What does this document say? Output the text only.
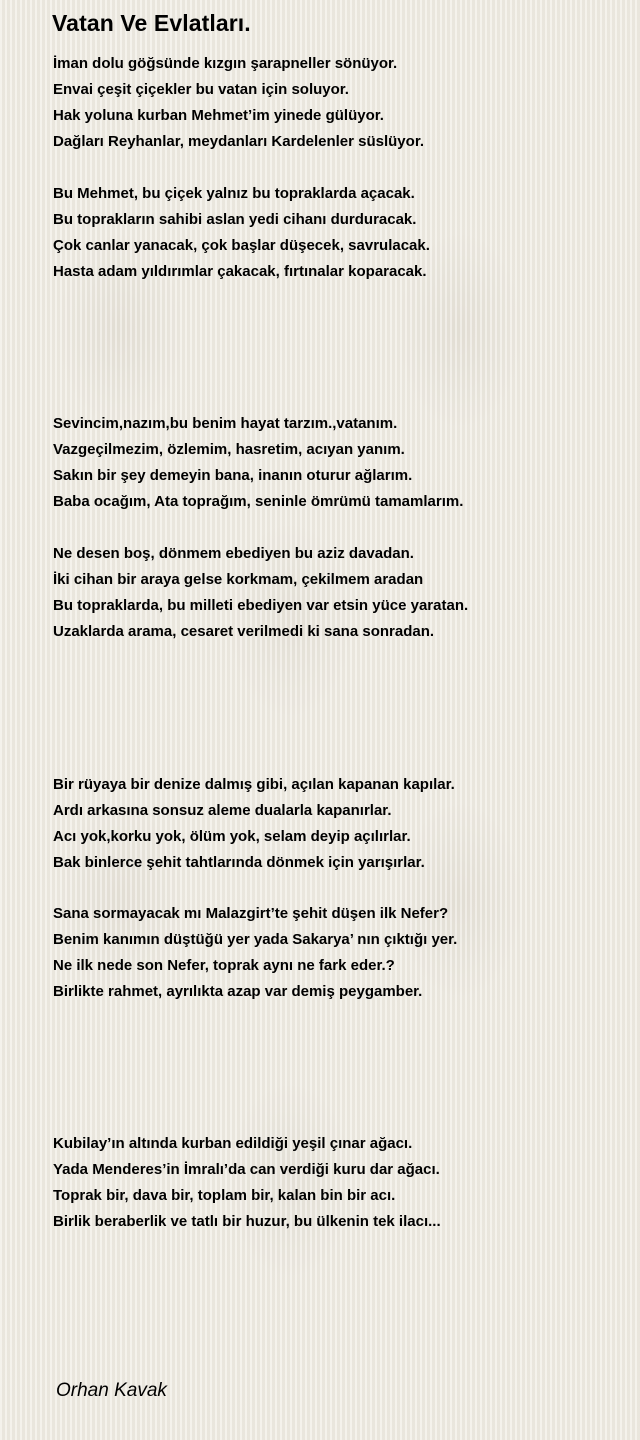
Vatan Ve Evlatları.
İman dolu göğsünde kızgın şarapneller sönüyor.
Envai çeşit çiçekler bu vatan için soluyor.
Hak yoluna kurban Mehmet’im yinede gülüyor.
Dağları Reyhanlar, meydanları Kardelenler süslüyor.
Bu Mehmet, bu çiçek yalnız bu topraklarda açacak.
Bu toprakların sahibi aslan yedi cihanı durduracak.
Çok canlar yanacak, çok başlar düşecek, savrulacak.
Hasta adam yıldırımlar çakacak, fırtınalar koparacak.
Sevincim,nazım,bu benim hayat tarzım.,vatanım.
Vazgeçilmezim, özlemim, hasretim, acıyan yanım.
Sakın bir şey demeyin bana, inanın oturur ağlarım.
Baba ocağım, Ata toprağım, seninle ömrümü tamamlarım.
Ne desen boş, dönmem ebediyen bu aziz davadan.
İki cihan bir araya gelse korkmam, çekilmem aradan
Bu topraklarda, bu milleti ebediyen var etsin yüce yaratan.
Uzaklarda arama, cesaret verilmedi ki sana sonradan.
Bir rüyaya bir denize dalmış gibi, açılan kapanan kapılar.
Ardı arkasına sonsuz aleme dualarla kapanırlar.
Acı yok,korku yok, ölüm yok, selam deyip açılırlar.
Bak binlerce şehit tahtlarında dönmek için yarışırlar.
Sana sormayacak mı Malazgirt’te şehit düşen ilk Nefer?
Benim kanımın düştüğü yer yada Sakarya’ nın çıktığı yer.
Ne ilk nede son Nefer, toprak aynı ne fark eder.?
Birlikte rahmet, ayrılıkta azap var demiş peygamber.
Kubilay’ın altında kurban edildiği yeşil çınar ağacı.
Yada Menderes’in İmralı’da can verdiği kuru dar ağacı.
Toprak bir, dava bir, toplam bir, kalan bin bir acı.
Birlik beraberlik ve tatlı bir huzur, bu ülkenin tek ilacı...

Orhan Kavak
